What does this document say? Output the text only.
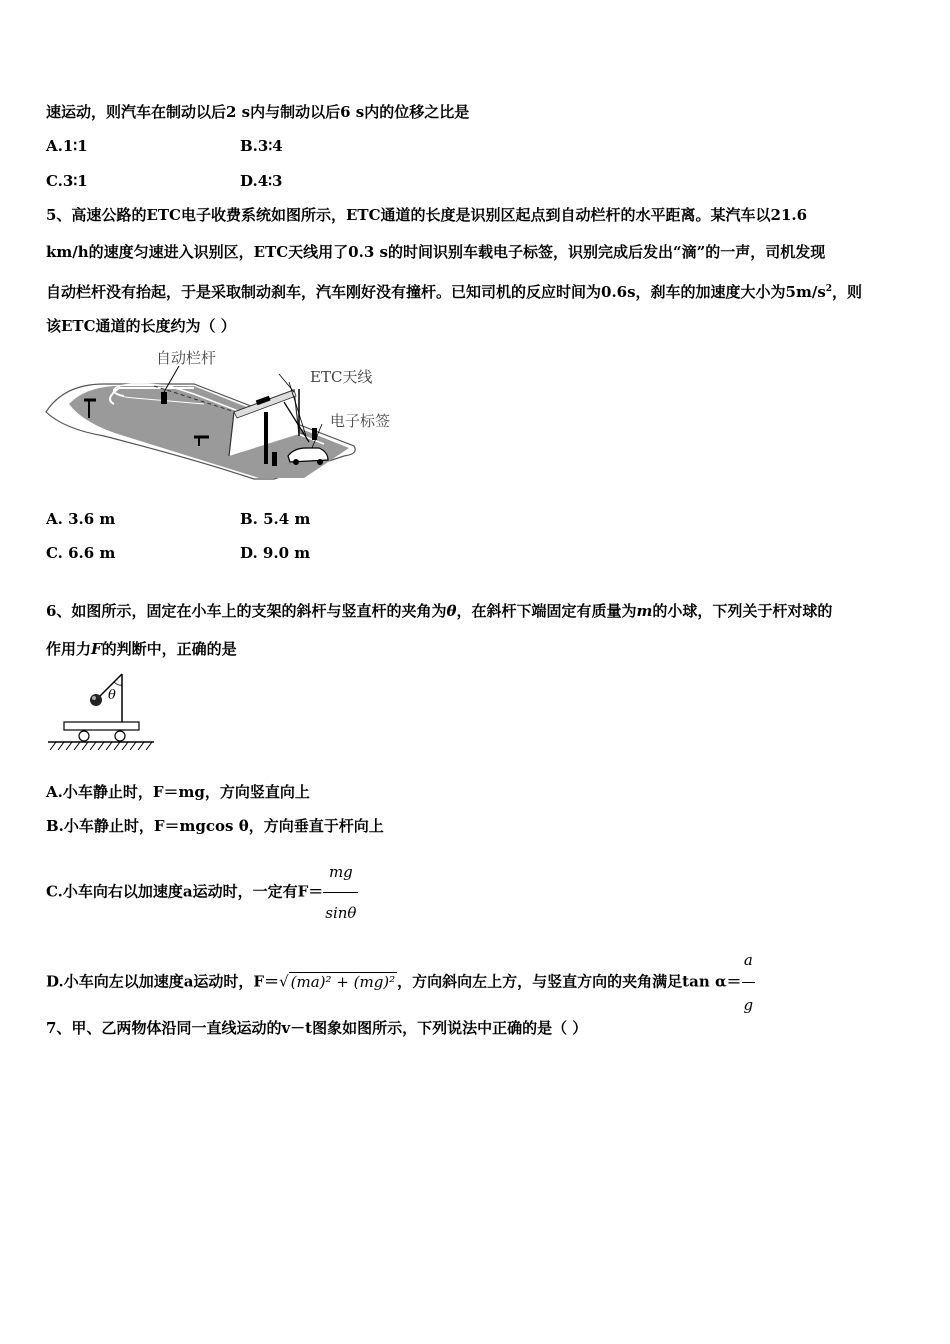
速运动，则汽车在制动以后2 s内与制动以后6 s内的位移之比是
A.1∶1	B.3∶4
C.3∶1	D.4∶3
5、高速公路的ETC电子收费系统如图所示，ETC通道的长度是识别区起点到自动栏杆的水平距离。某汽车以21.6
km/h的速度匀速进入识别区，ETC天线用了0.3 s的时间识别车载电子标签，识别完成后发出“滴”的一声，司机发现
自动栏杆没有抬起，于是采取制动刹车，汽车刚好没有撞杆。已知司机的反应时间为0.6s，刹车的加速度大小为$5m/s^2$，则
该ETC通道的长度约为（ ）
自动栏杆
ETC天线
电子标签
A. 3.6 m	B. 5.4 m
C. 6.6 m	D. 9.0 m
6、如图所示，固定在小车上的支架的斜杆与竖直杆的夹角为θ，在斜杆下端固定有质量为m的小球，下列关于杆对球的
作用力F的判断中，正确的是
θ
A.小车静止时，F＝mg，方向竖直向上
B.小车静止时，F＝mgcos θ，方向垂直于杆向上
C.小车向右以加速度a运动时，一定有$F= \frac{mg}{\sin\theta}$
D.小车向左以加速度a运动时，F＝√ (ma)² + (mg)² ，方向斜向左上方，与竖直方向的夹角满足$\tan \alpha= \frac{a}{g}$
7、甲、乙两物体沿同一直线运动的v－t图象如图所示，下列说法中正确的是（ ）
